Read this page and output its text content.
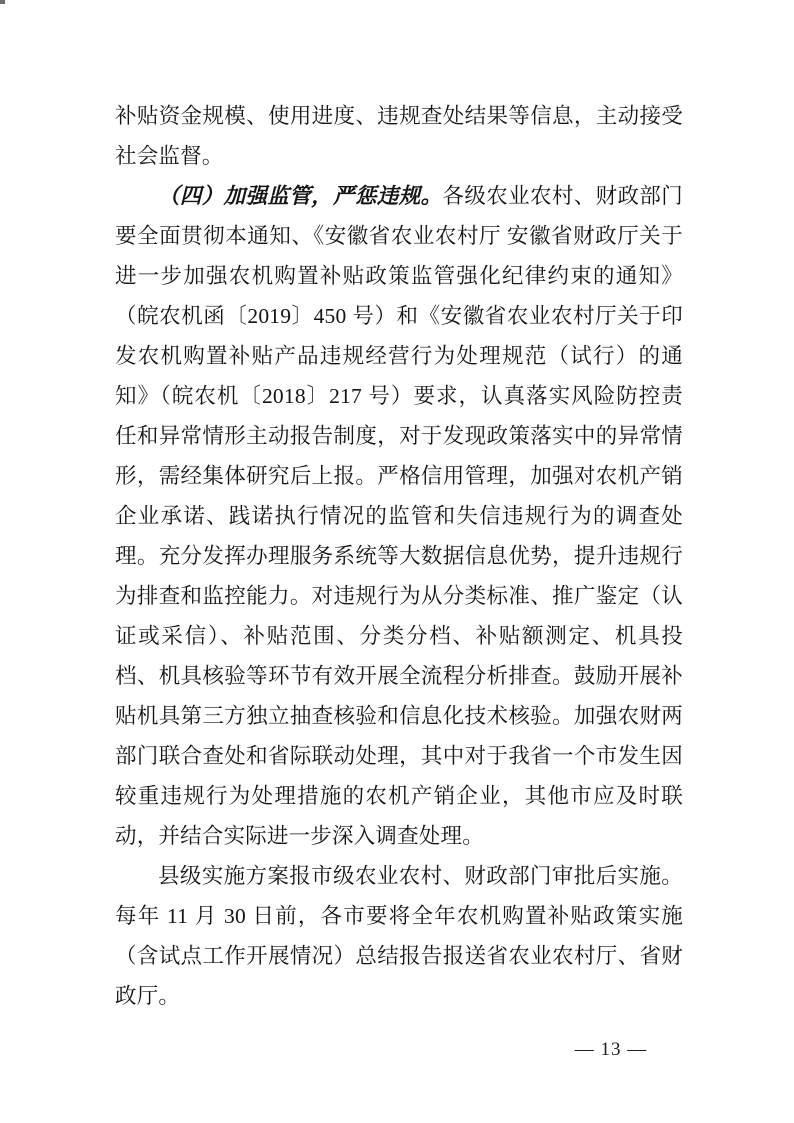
补贴资金规模、使用进度、违规查处结果等信息，主动接受社会监督。

（四）加强监管，严惩违规。各级农业农村、财政部门要全面贯彻本通知、《安徽省农业农村厅 安徽省财政厅关于进一步加强农机购置补贴政策监管强化纪律约束的通知》（皖农机函〔2019〕450 号）和《安徽省农业农村厅关于印发农机购置补贴产品违规经营行为处理规范（试行）的通知》（皖农机〔2018〕217 号）要求，认真落实风险防控责任和异常情形主动报告制度，对于发现政策落实中的异常情形，需经集体研究后上报。严格信用管理，加强对农机产销企业承诺、践诺执行情况的监管和失信违规行为的调查处理。充分发挥办理服务系统等大数据信息优势，提升违规行为排查和监控能力。对违规行为从分类标准、推广鉴定（认证或采信）、补贴范围、分类分档、补贴额测定、机具投档、机具核验等环节有效开展全流程分析排查。鼓励开展补贴机具第三方独立抽查核验和信息化技术核验。加强农财两部门联合查处和省际联动处理，其中对于我省一个市发生因较重违规行为处理措施的农机产销企业，其他市应及时联动，并结合实际进一步深入调查处理。

县级实施方案报市级农业农村、财政部门审批后实施。每年 11 月 30 日前，各市要将全年农机购置补贴政策实施（含试点工作开展情况）总结报告报送省农业农村厅、省财政厅。

— 13 —
